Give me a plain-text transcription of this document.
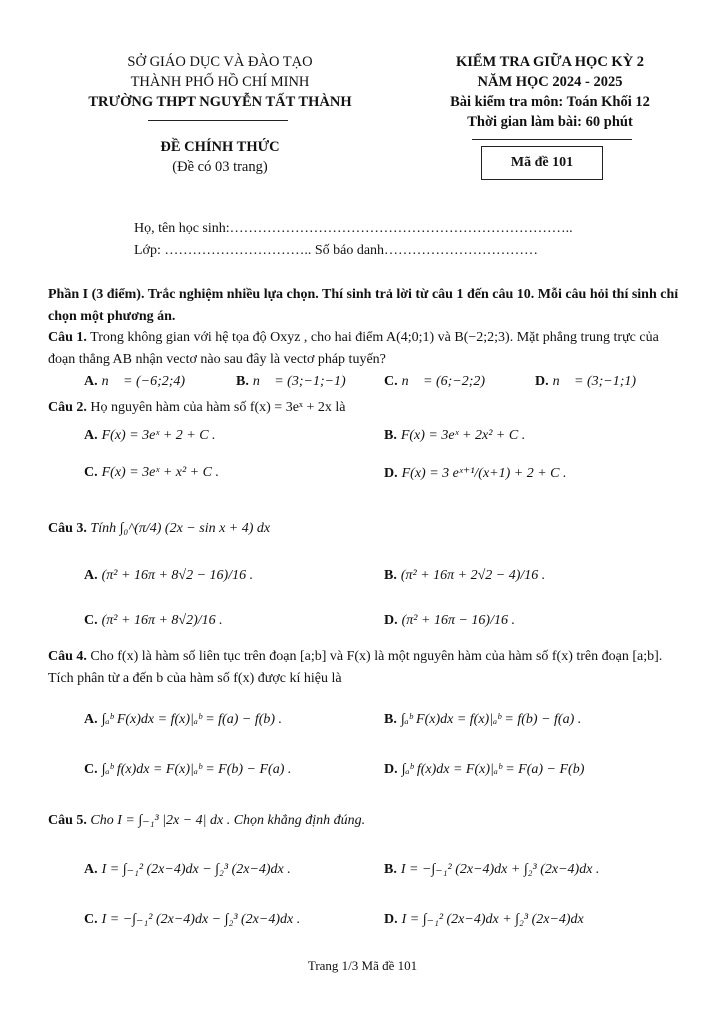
SỞ GIÁO DỤC VÀ ĐÀO TẠO
THÀNH PHỐ HỒ CHÍ MINH
TRƯỜNG THPT NGUYỄN TẤT THÀNH
KIỂM TRA GIỮA HỌC KỲ 2
NĂM HỌC 2024 - 2025
Bài kiểm tra môn: Toán Khối 12
Thời gian làm bài: 60 phút
ĐỀ CHÍNH THỨC
(Đề có 03 trang)	Mã đề 101
Họ, tên học sinh:………………………………………………………………..
Lớp: ………………………….. Số báo danh……………………………
Phần I (3 điểm). Trắc nghiệm nhiều lựa chọn. Thí sinh trả lời từ câu 1 đến câu 10. Mỗi câu hỏi thí sinh chỉ chọn một phương án.
Câu 1. Trong không gian với hệ tọa độ Oxyz , cho hai điểm A(4;0;1) và B(−2;2;3). Mặt phẳng trung trực của đoạn thẳng AB nhận vectơ nào sau đây là vectơ pháp tuyến?
A. n⃗ = (−6;2;4)	B. n⃗ = (3;−1;−1)	C. n⃗ = (6;−2;2)	D. n⃗ = (3;−1;1)
Câu 2. Họ nguyên hàm của hàm số f(x) = 3eˣ + 2x là
A. F(x) = 3eˣ + 2 + C .	B. F(x) = 3eˣ + 2x² + C .
C. F(x) = 3eˣ + x² + C .	D. F(x) = 3 eˣ⁺¹/(x+1) + 2 + C .
Câu 3. Tính ∫₀^(π/4) (2x − sin x + 4) dx
A. (π² + 16π + 8√2 − 16)/16 .	B. (π² + 16π + 2√2 − 4)/16 .
C. (π² + 16π + 8√2)/16 .	D. (π² + 16π − 16)/16 .
Câu 4. Cho f(x) là hàm số liên tục trên đoạn [a;b] và F(x) là một nguyên hàm của hàm số f(x) trên đoạn [a;b]. Tích phân từ a đến b của hàm số f(x) được kí hiệu là
A. ∫ₐᵇ F(x)dx = f(x)|ₐᵇ = f(a) − f(b) .	B. ∫ₐᵇ F(x)dx = f(x)|ₐᵇ = f(b) − f(a) .
C. ∫ₐᵇ f(x)dx = F(x)|ₐᵇ = F(b) − F(a) .	D. ∫ₐᵇ f(x)dx = F(x)|ₐᵇ = F(a) − F(b)
Câu 5. Cho I = ∫₋₁³ |2x − 4| dx . Chọn khẳng định đúng.
A. I = ∫₋₁² (2x−4)dx − ∫₂³ (2x−4)dx .	B. I = −∫₋₁² (2x−4)dx + ∫₂³ (2x−4)dx .
C. I = −∫₋₁² (2x−4)dx − ∫₂³ (2x−4)dx .	D. I = ∫₋₁² (2x−4)dx + ∫₂³ (2x−4)dx
Trang 1/3 Mã đề 101
